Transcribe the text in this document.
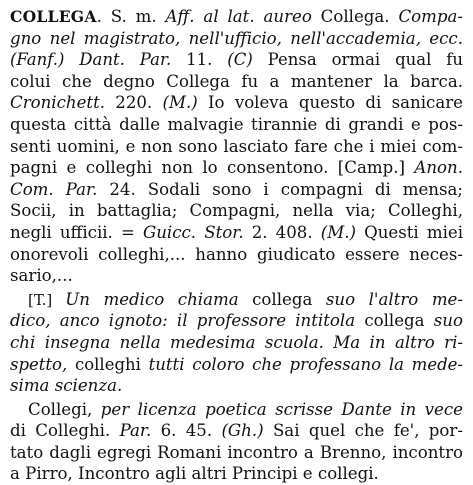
COLLEGA. S. m. Aff. al lat. aureo Collega. Compa-
gno nel magistrato, nell'ufficio, nell'accademia, ecc.
(Fanf.) Dant. Par. 11. (C) Pensa ormai qual fu
colui che degno Collega fu a mantener la barca.
Cronichett. 220. (M.) Io voleva questo di sanicare
questa città dalle malvagie tirannie di grandi e pos-
senti uomini, e non sono lasciato fare che i miei com-
pagni e colleghi non lo consentono. [Camp.] Anon.
Com. Par. 24. Sodali sono i compagni di mensa;
Socii, in battaglia; Compagni, nella via; Colleghi,
negli ufficii. = Guicc. Stor. 2. 408. (M.) Questi miei
onorevoli colleghi,... hanno giudicato essere neces-
sario,...
[T.] Un medico chiama collega suo l'altro me-
dico, anco ignoto: il professore intitola collega suo
chi insegna nella medesima scuola. Ma in altro ri-
spetto, colleghi tutti coloro che professano la mede-
sima scienza.
Collegi, per licenza poetica scrisse Dante in vece
di Colleghi. Par. 6. 45. (Gh.) Sai quel che fe', por-
tato dagli egregi Romani incontro a Brenno, incontro
a Pirro, Incontro agli altri Principi e collegi.
